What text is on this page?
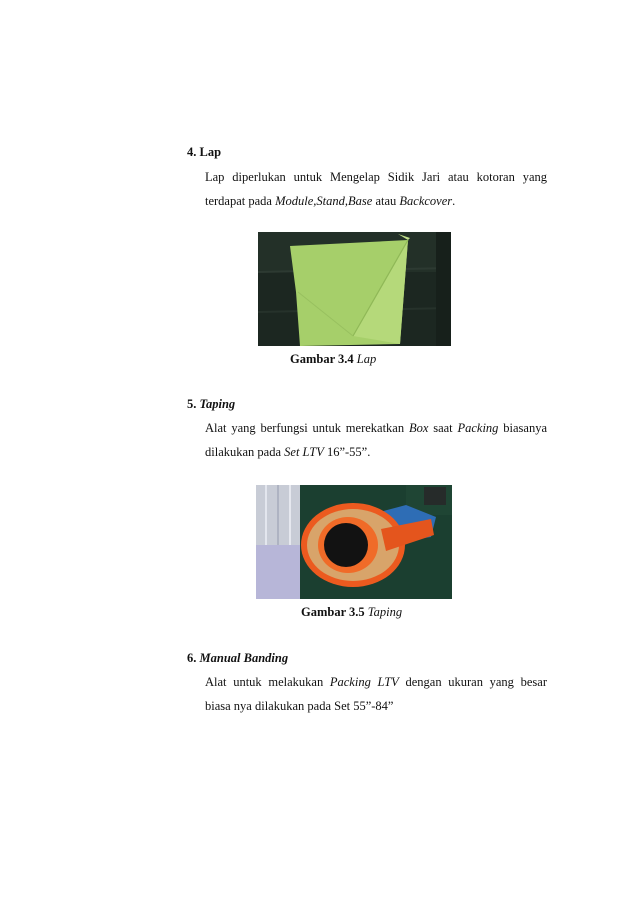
4. Lap
Lap diperlukan untuk Mengelap Sidik Jari atau kotoran yang
terdapat pada Module,Stand,Base atau Backcover.
Gambar 3.4 Lap
5. Taping
Alat yang berfungsi untuk merekatkan Box saat Packing biasanya
dilakukan pada Set LTV 16”-55”.
Gambar 3.5 Taping
6. Manual Banding
Alat untuk melakukan Packing LTV dengan ukuran yang besar
biasa nya dilakukan pada Set 55”-84”
